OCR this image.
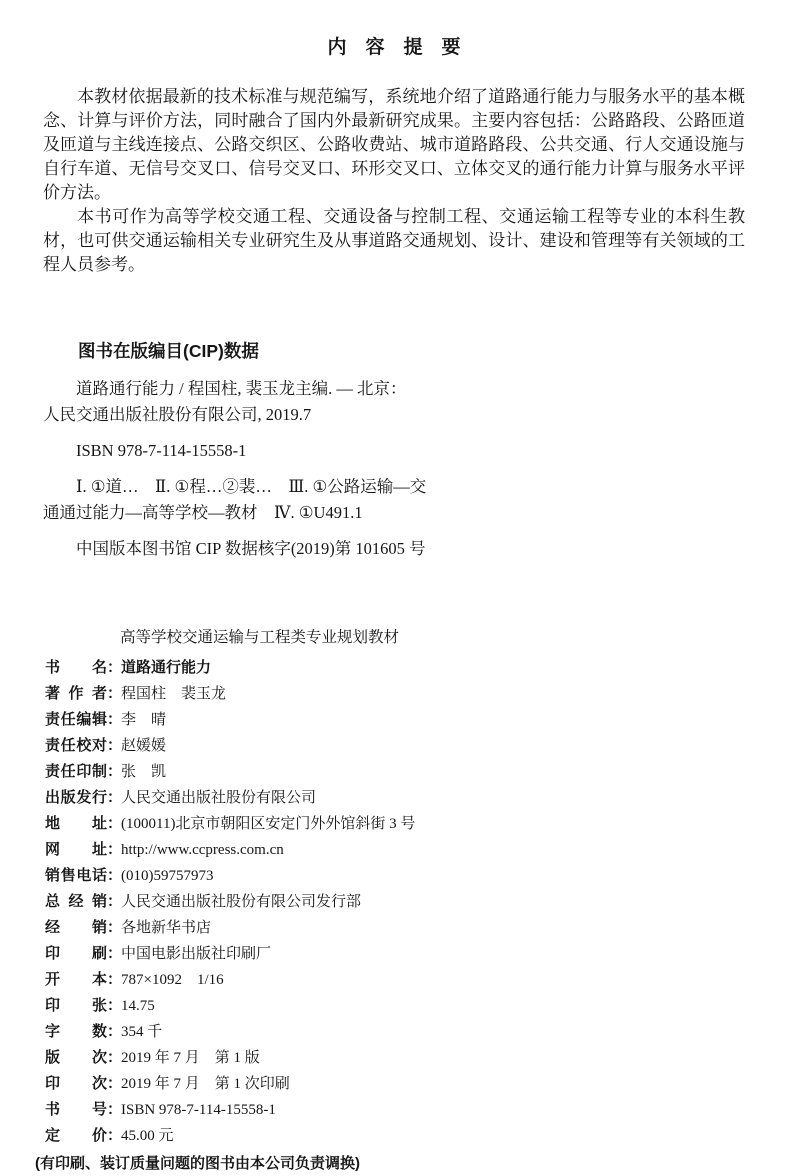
内　容　提　要

本教材依据最新的技术标准与规范编写，系统地介绍了道路通行能力与服务水平的基本概念、计算与评价方法，同时融合了国内外最新研究成果。主要内容包括：公路路段、公路匝道及匝道与主线连接点、公路交织区、公路收费站、城市道路路段、公共交通、行人交通设施与自行车道、无信号交叉口、信号交叉口、环形交叉口、立体交叉的通行能力计算与服务水平评价方法。

本书可作为高等学校交通工程、交通设备与控制工程、交通运输工程等专业的本科生教材，也可供交通运输相关专业研究生及从事道路交通规划、设计、建设和管理等有关领域的工程人员参考。

图书在版编目(CIP)数据
道路通行能力 / 程国柱, 裴玉龙主编. — 北京：
人民交通出版社股份有限公司, 2019.7
ISBN 978-7-114-15558-1
Ⅰ. ①道…　Ⅱ. ①程…②裴…　Ⅲ. ①公路运输—交
通通过能力—高等学校—教材　Ⅳ. ①U491.1
中国版本图书馆 CIP 数据核字(2019)第 101605 号
高等学校交通运输与工程类专业规划教材
书名：道路通行能力
著作者：程国柱　裴玉龙
责任编辑：李　晴
责任校对：赵媛媛
责任印制：张　凯
出版发行：人民交通出版社股份有限公司
地址：(100011)北京市朝阳区安定门外外馆斜街 3 号
网址：http://www.ccpress.com.cn
销售电话：(010)59757973
总经销：人民交通出版社股份有限公司发行部
经销：各地新华书店
印刷：中国电影出版社印刷厂
开本：787×1092　1/16
印张：14.75
字数：354 千
版次：2019 年 7 月　第 1 版
印次：2019 年 7 月　第 1 次印刷
书号：ISBN 978-7-114-15558-1
定价：45.00 元
(有印刷、装订质量问题的图书由本公司负责调换)
